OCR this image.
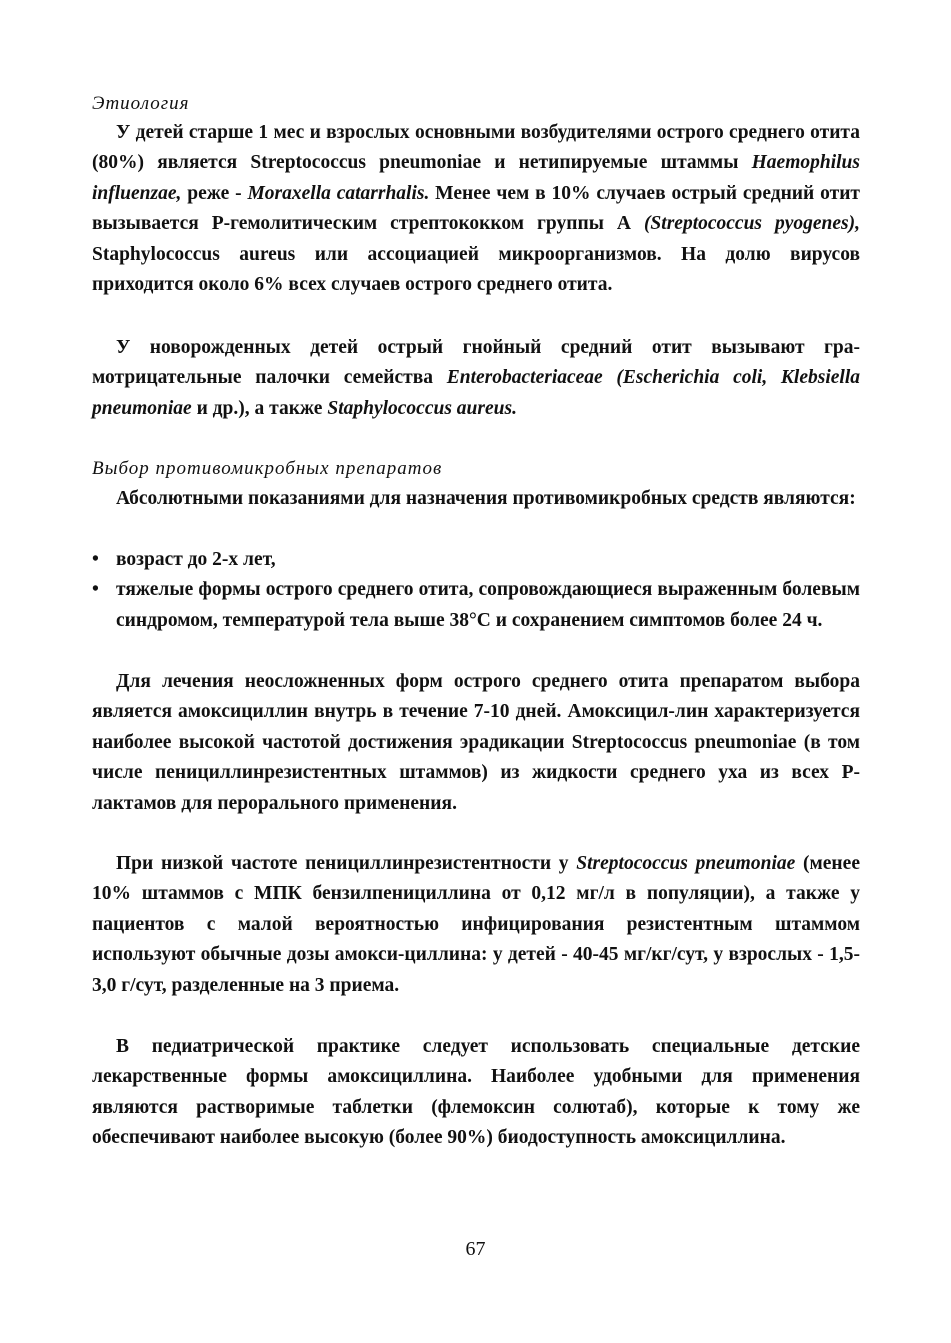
Этиология

У детей старше 1 мес и взрослых основными возбудителями острого среднего отита (80%) является Streptococcus pneumoniae и нетипируемые штаммы Haemophilus influenzae, реже - Moraxella catarrhalis. Менее чем в 10% случаев острый средний отит вызывается Р-гемолитическим стрептококком группы А (Streptococcus pyogenes), Staphylococcus aureus или ассоциацией микроорганизмов. На долю вирусов приходится около 6% всех случаев острого среднего отита.

У новорожденных детей острый гнойный средний отит вызывают гра-мотрицательные палочки семейства Enterobacteriaceae (Escherichia coli, Klebsiella pneumoniae и др.), а также Staphylococcus aureus.

Выбор противомикробных препаратов

Абсолютными показаниями для назначения противомикробных средств являются:

• возраст до 2-х лет,
• тяжелые формы острого среднего отита, сопровождающиеся выраженным болевым синдромом, температурой тела выше 38°С и сохранением симптомов более 24 ч.

Для лечения неосложненных форм острого среднего отита препаратом выбора является амоксициллин внутрь в течение 7-10 дней. Амоксицил-лин характеризуется наиболее высокой частотой достижения эрадикации Streptococcus pneumoniae (в том числе пенициллинрезистентных штаммов) из жидкости среднего уха из всех Р-лактамов для перорального применения.

При низкой частоте пенициллинрезистентности у Streptococcus pneumoniae (менее 10% штаммов с МПК бензилпенициллина от 0,12 мг/л в популяции), а также у пациентов с малой вероятностью инфицирования резистентным штаммом используют обычные дозы амокси-циллина: у детей - 40-45 мг/кг/сут, у взрослых - 1,5-3,0 г/сут, разделенные на 3 приема.

В педиатрической практике следует использовать специальные детские лекарственные формы амоксициллина. Наиболее удобными для применения являются растворимые таблетки (флемоксин солютаб), которые к тому же обеспечивают наиболее высокую (более 90%) биодоступность амоксициллина.

67
